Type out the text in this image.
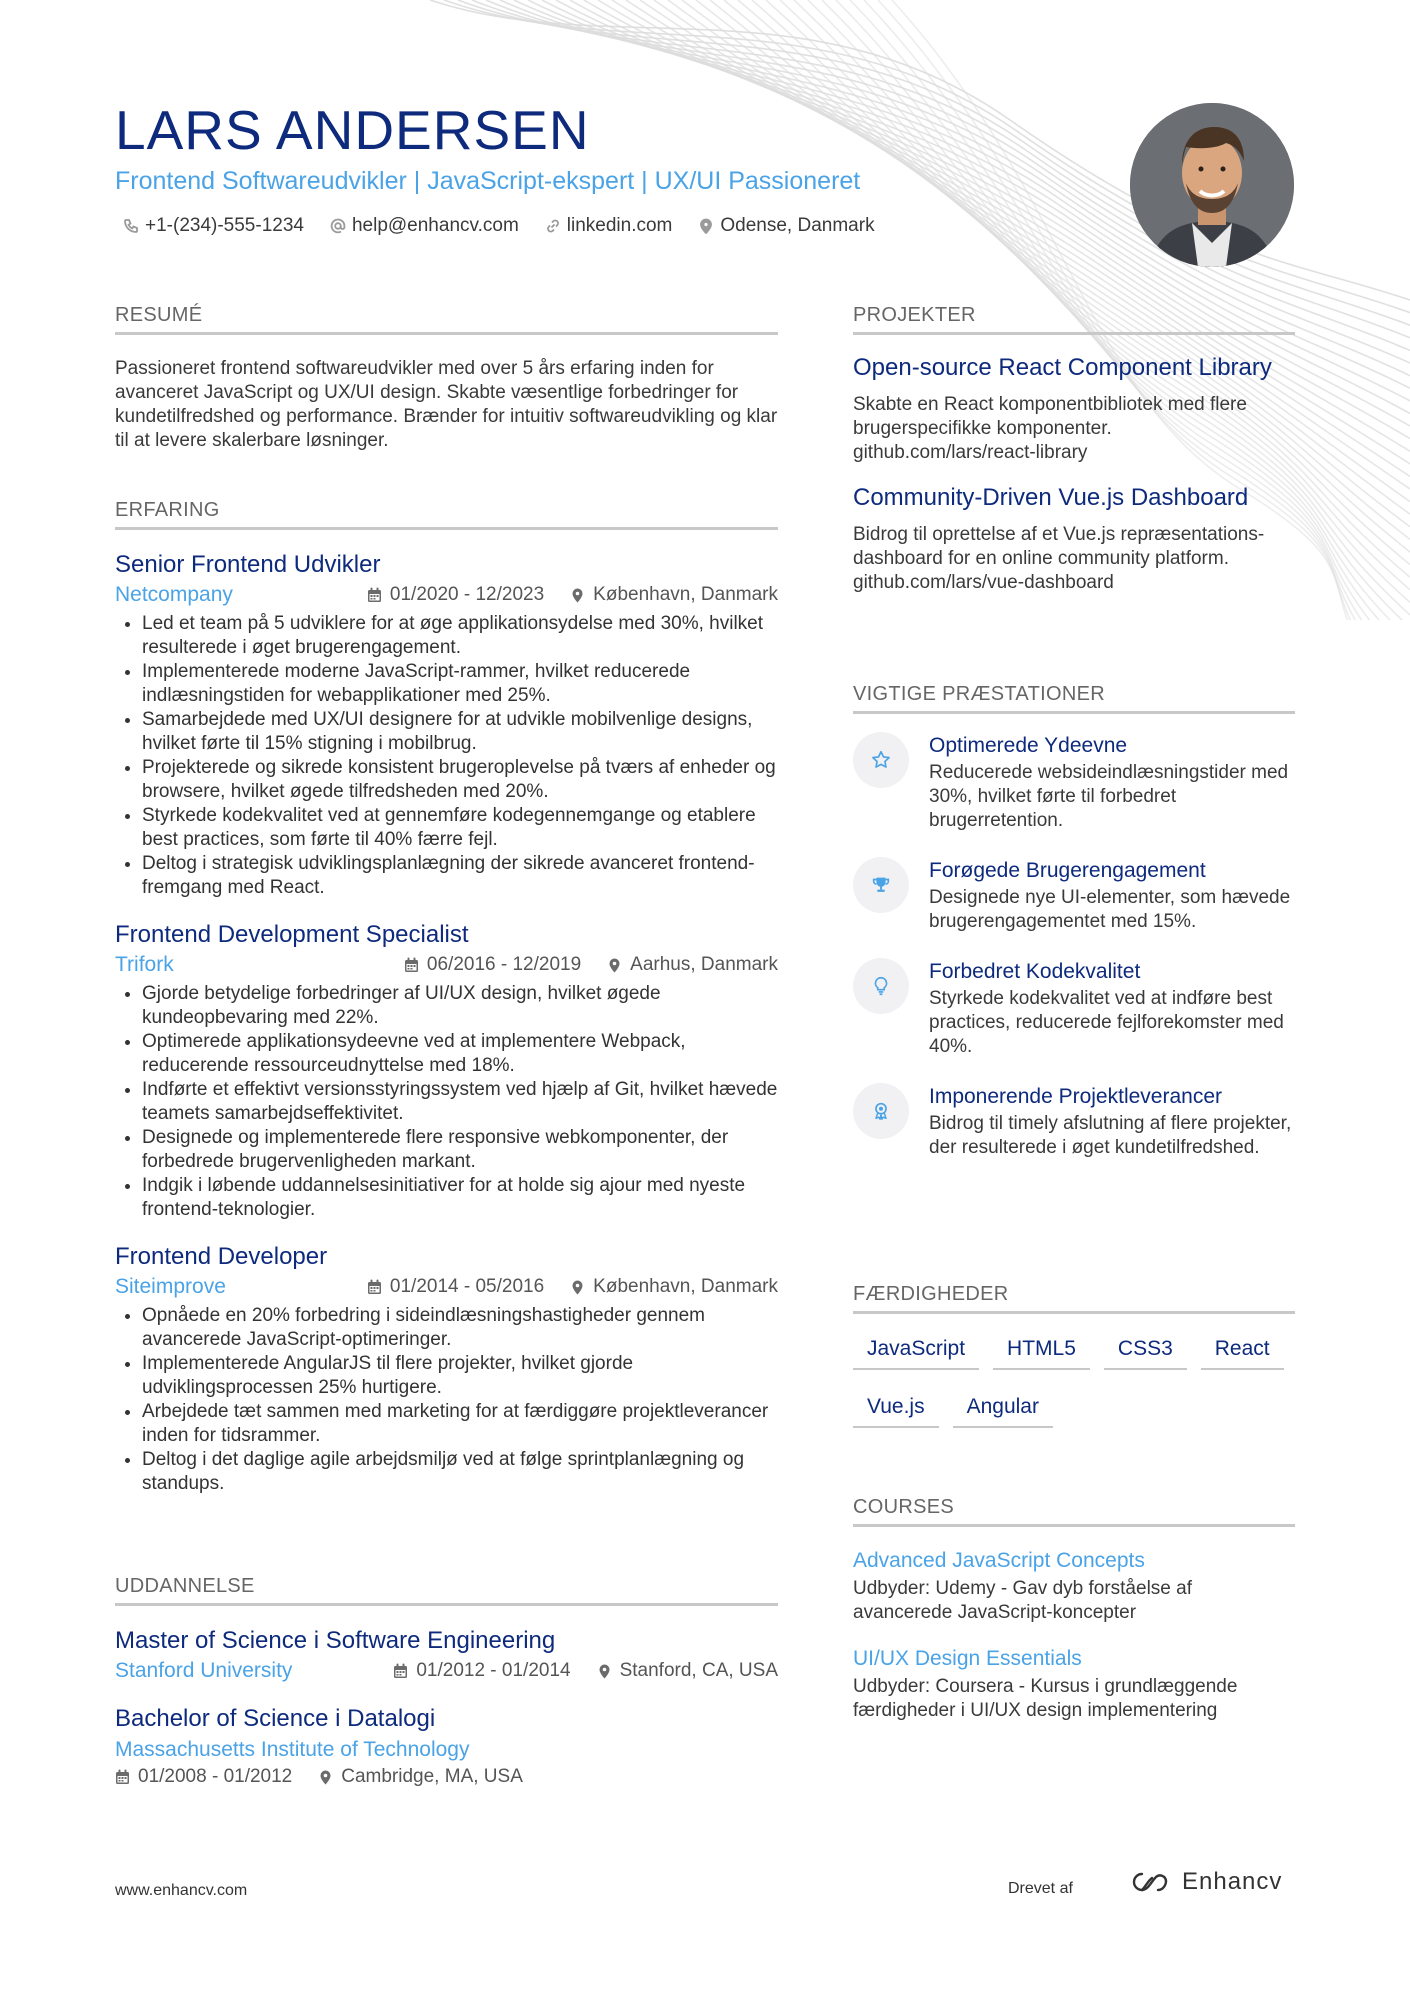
LARS ANDERSEN
Frontend Softwareudvikler | JavaScript-ekspert | UX/UI Passioneret
+1-(234)-555-1234	help@enhancv.com	linkedin.com	Odense, Danmark
RESUMÉ
Passioneret frontend softwareudvikler med over 5 års erfaring inden for avanceret JavaScript og UX/UI design. Skabte væsentlige forbedringer for kundetilfredshed og performance. Brænder for intuitiv softwareudvikling og klar til at levere skalerbare løsninger.
ERFARING
Senior Frontend Udvikler
Netcompany	01/2020 - 12/2023	København, Danmark
• Led et team på 5 udviklere for at øge applikationsydelse med 30%, hvilket resulterede i øget brugerengagement.
• Implementerede moderne JavaScript-rammer, hvilket reducerede indlæsningstiden for webapplikationer med 25%.
• Samarbejdede med UX/UI designere for at udvikle mobilvenlige designs, hvilket førte til 15% stigning i mobilbrug.
• Projekterede og sikrede konsistent brugeroplevelse på tværs af enheder og browsere, hvilket øgede tilfredsheden med 20%.
• Styrkede kodekvalitet ved at gennemføre kodegennemgange og etablere best practices, som førte til 40% færre fejl.
• Deltog i strategisk udviklingsplanlægning der sikrede avanceret frontend-fremgang med React.
Frontend Development Specialist
Trifork	06/2016 - 12/2019	Aarhus, Danmark
• Gjorde betydelige forbedringer af UI/UX design, hvilket øgede kundeopbevaring med 22%.
• Optimerede applikationsydeevne ved at implementere Webpack, reducerende ressourceudnyttelse med 18%.
• Indførte et effektivt versionsstyringssystem ved hjælp af Git, hvilket hævede teamets samarbejdseffektivitet.
• Designede og implementerede flere responsive webkomponenter, der forbedrede brugervenligheden markant.
• Indgik i løbende uddannelsesinitiativer for at holde sig ajour med nyeste frontend-teknologier.
Frontend Developer
Siteimprove	01/2014 - 05/2016	København, Danmark
• Opnåede en 20% forbedring i sideindlæsningshastigheder gennem avancerede JavaScript-optimeringer.
• Implementerede AngularJS til flere projekter, hvilket gjorde udviklingsprocessen 25% hurtigere.
• Arbejdede tæt sammen med marketing for at færdiggøre projektleverancer inden for tidsrammer.
• Deltog i det daglige agile arbejdsmiljø ved at følge sprintplanlægning og standups.
UDDANNELSE
Master of Science i Software Engineering
Stanford University	01/2012 - 01/2014	Stanford, CA, USA
Bachelor of Science i Datalogi
Massachusetts Institute of Technology
01/2008 - 01/2012	Cambridge, MA, USA
PROJEKTER
Open-source React Component Library
Skabte en React komponentbibliotek med flere brugerspecifikke komponenter. github.com/lars/react-library
Community-Driven Vue.js Dashboard
Bidrog til oprettelse af et Vue.js repræsentations-dashboard for en online community platform. github.com/lars/vue-dashboard
VIGTIGE PRÆSTATIONER
Optimerede Ydeevne
Reducerede websideindlæsningstider med 30%, hvilket førte til forbedret brugerretention.
Forøgede Brugerengagement
Designede nye UI-elementer, som hævede brugerengagementet med 15%.
Forbedret Kodekvalitet
Styrkede kodekvalitet ved at indføre best practices, reducerede fejlforekomster med 40%.
Imponerende Projektleverancer
Bidrog til timely afslutning af flere projekter, der resulterede i øget kundetilfredshed.
FÆRDIGHEDER
JavaScript	HTML5	CSS3	React
Vue.js	Angular
COURSES
Advanced JavaScript Concepts
Udbyder: Udemy - Gav dyb forståelse af avancerede JavaScript-koncepter
UI/UX Design Essentials
Udbyder: Coursera - Kursus i grundlæggende færdigheder i UI/UX design implementering
www.enhancv.com	Drevet af	Enhancv
